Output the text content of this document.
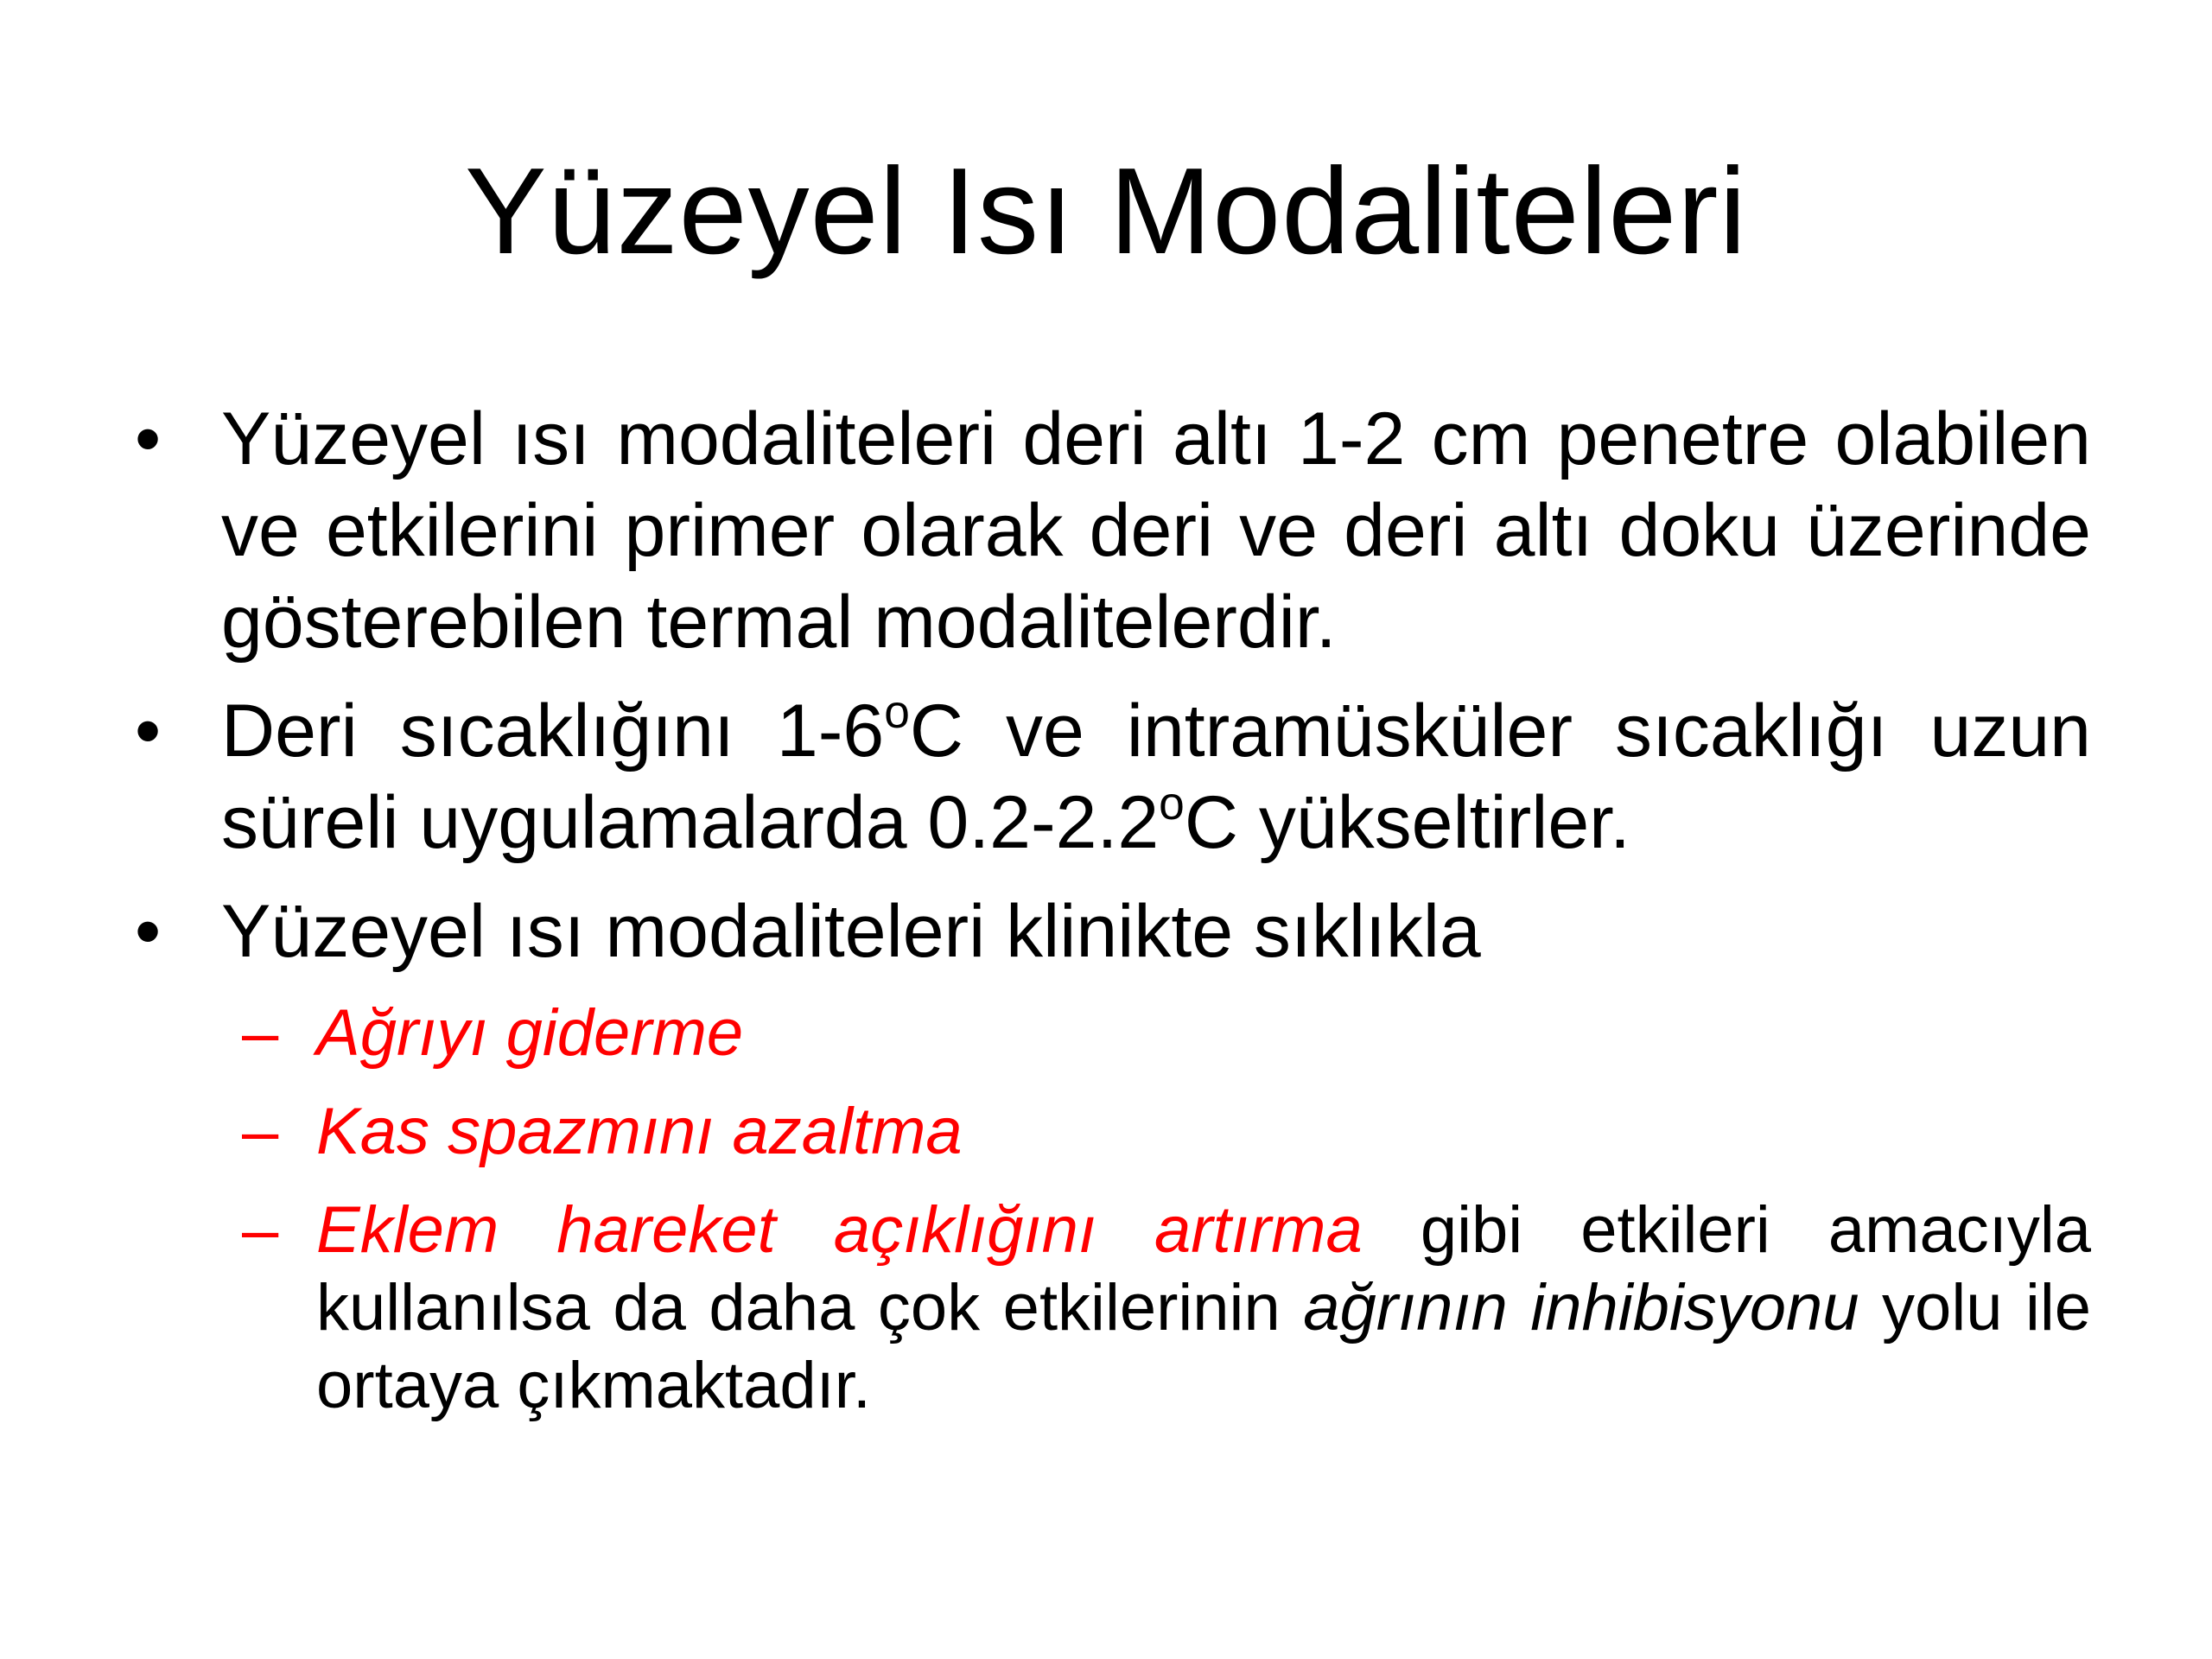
Yüzeyel Isı Modaliteleri

• Yüzeyel ısı modaliteleri deri altı 1-2 cm penetre olabilen ve etkilerini primer olarak deri ve deri altı doku üzerinde gösterebilen termal modalitelerdir.

• Deri sıcaklığını 1-6$^o$C ve intramüsküler sıcaklığı uzun süreli uygulamalarda 0.2-2.2$^o$C yükseltirler.

• Yüzeyel ısı modaliteleri klinikte sıklıkla

– Ağrıyı giderme

– Kas spazmını azaltma

– Eklem hareket açıklığını artırma gibi etkileri amacıyla kullanılsa da daha çok etkilerinin ağrının inhibisyonu yolu ile ortaya çıkmaktadır.
